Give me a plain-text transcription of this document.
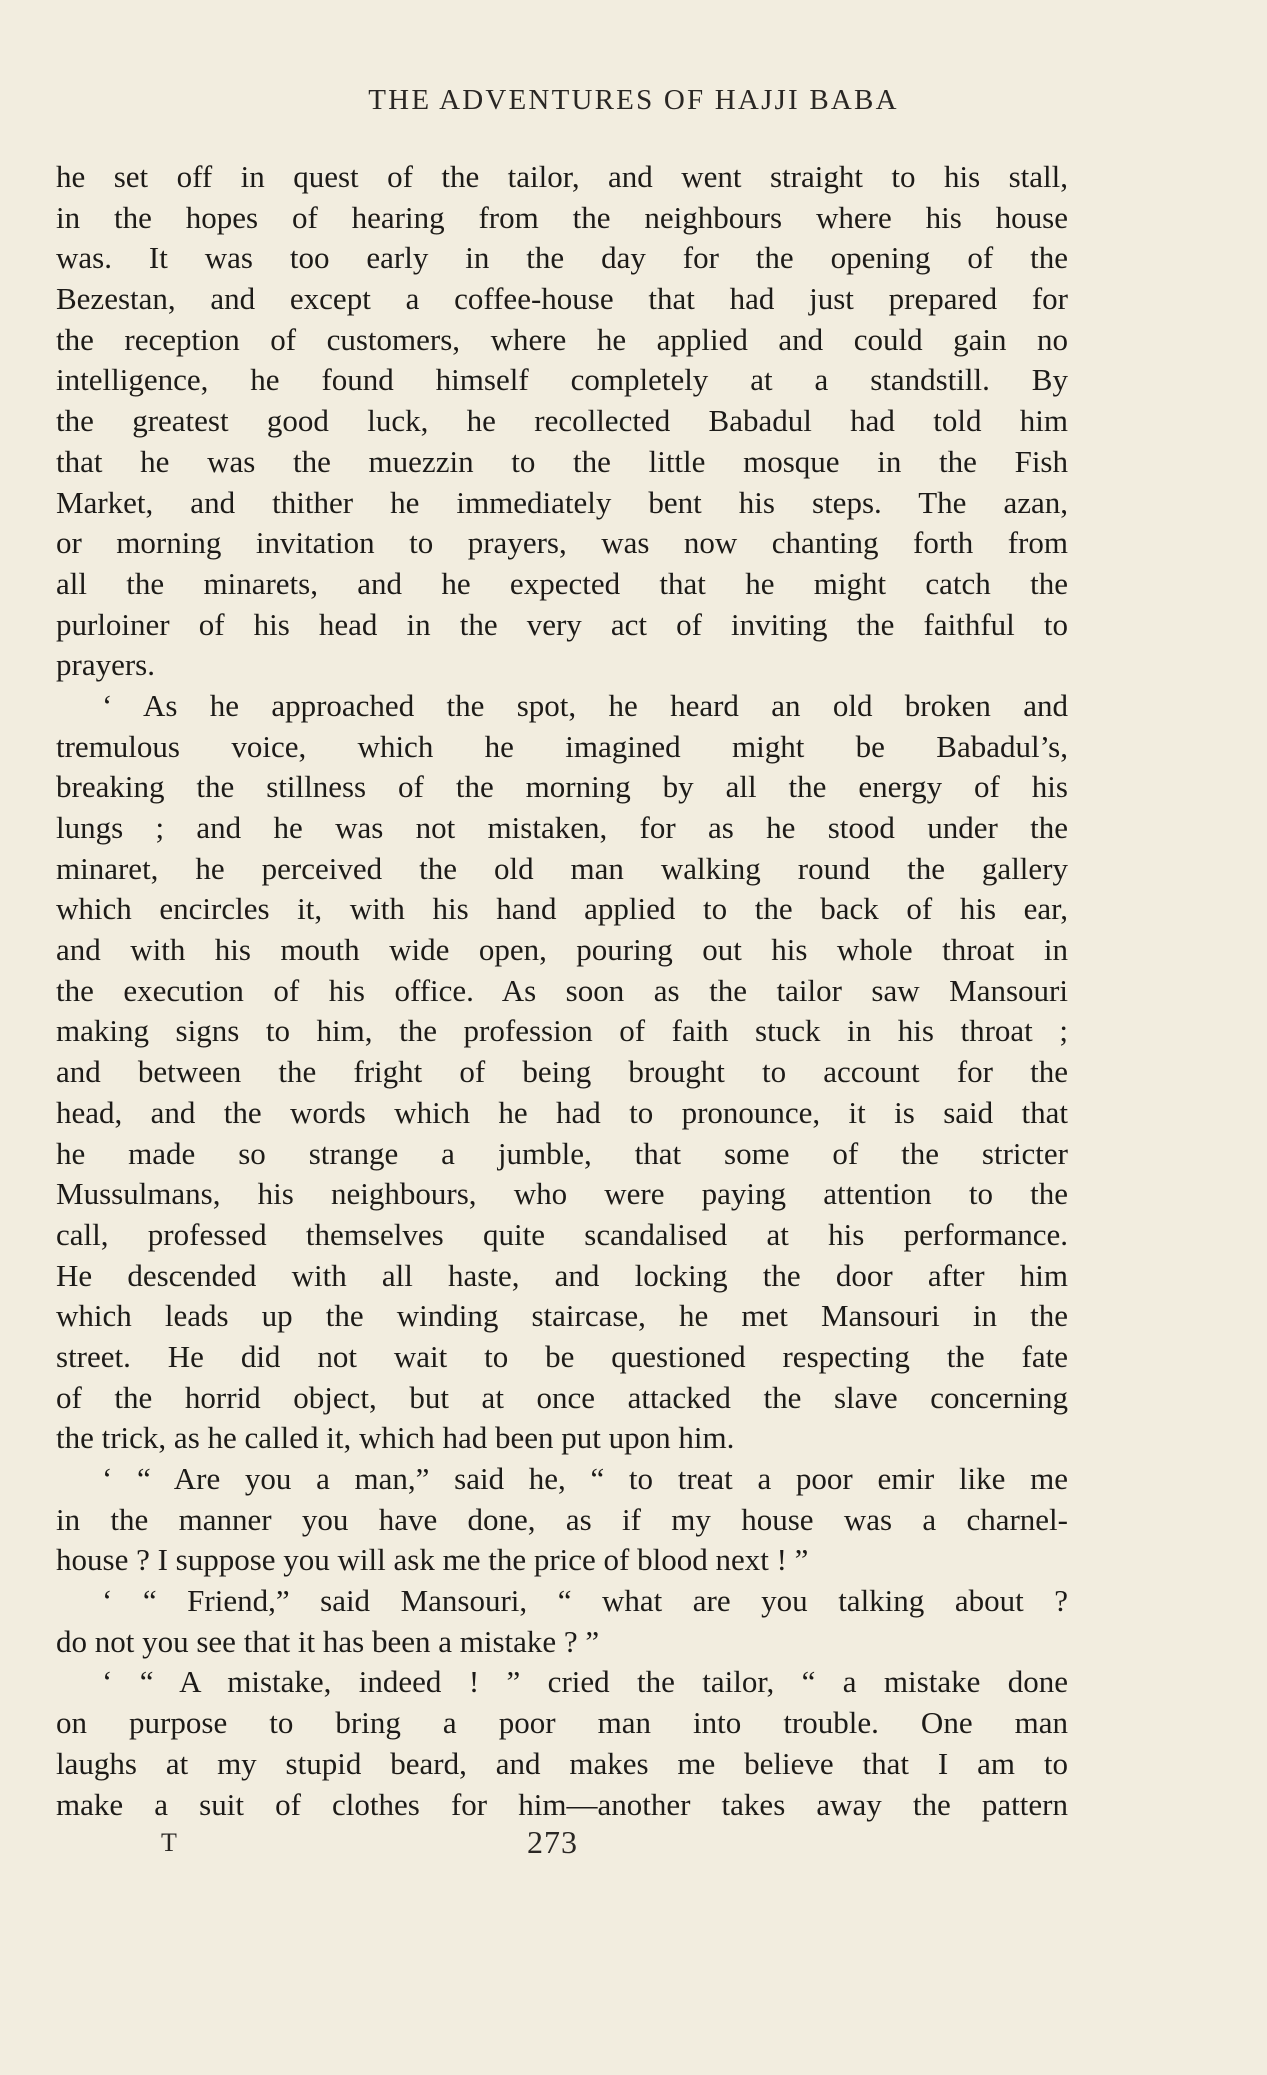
THE ADVENTURES OF HAJJI BABA
he set off in quest of the tailor, and went straight to his stall,
in the hopes of hearing from the neighbours where his house
was. It was too early in the day for the opening of the
Bezestan, and except a coffee-house that had just prepared for
the reception of customers, where he applied and could gain no
intelligence, he found himself completely at a standstill. By
the greatest good luck, he recollected Babadul had told him
that he was the muezzin to the little mosque in the Fish
Market, and thither he immediately bent his steps. The azan,
or morning invitation to prayers, was now chanting forth from
all the minarets, and he expected that he might catch the
purloiner of his head in the very act of inviting the faithful to
prayers.
‘ As he approached the spot, he heard an old broken and
tremulous voice, which he imagined might be Babadul’s,
breaking the stillness of the morning by all the energy of his
lungs ; and he was not mistaken, for as he stood under the
minaret, he perceived the old man walking round the gallery
which encircles it, with his hand applied to the back of his ear,
and with his mouth wide open, pouring out his whole throat in
the execution of his office. As soon as the tailor saw Mansouri
making signs to him, the profession of faith stuck in his throat ;
and between the fright of being brought to account for the
head, and the words which he had to pronounce, it is said that
he made so strange a jumble, that some of the stricter
Mussulmans, his neighbours, who were paying attention to the
call, professed themselves quite scandalised at his performance.
He descended with all haste, and locking the door after him
which leads up the winding staircase, he met Mansouri in the
street. He did not wait to be questioned respecting the fate
of the horrid object, but at once attacked the slave concerning
the trick, as he called it, which had been put upon him.
‘ “ Are you a man,” said he, “ to treat a poor emir like me
in the manner you have done, as if my house was a charnel-
house ? I suppose you will ask me the price of blood next ! ”
‘ “ Friend,” said Mansouri, “ what are you talking about ?
do not you see that it has been a mistake ? ”
‘ “ A mistake, indeed ! ” cried the tailor, “ a mistake done
on purpose to bring a poor man into trouble. One man
laughs at my stupid beard, and makes me believe that I am to
make a suit of clothes for him—another takes away the pattern
T	273
